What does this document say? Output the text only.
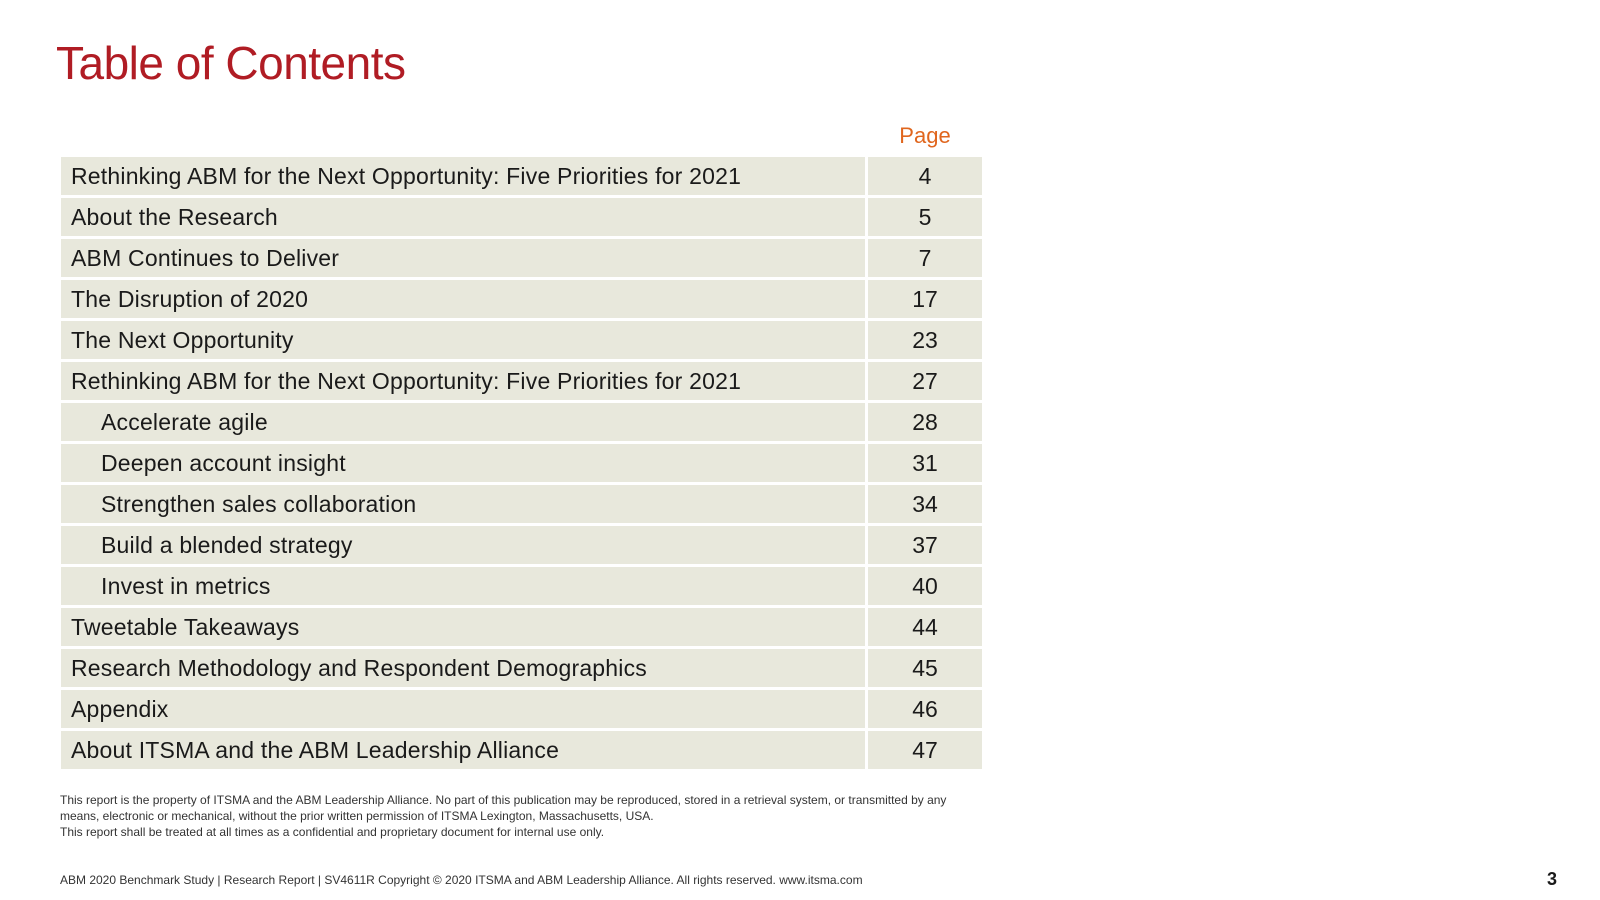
Table of Contents
Page
Rethinking ABM for the Next Opportunity: Five Priorities for 2021	4
About the Research	5
ABM Continues to Deliver	7
The Disruption of 2020	17
The Next Opportunity	23
Rethinking ABM for the Next Opportunity: Five Priorities for 2021	27
Accelerate agile	28
Deepen account insight	31
Strengthen sales collaboration	34
Build a blended strategy	37
Invest in metrics	40
Tweetable Takeaways	44
Research Methodology and Respondent Demographics	45
Appendix	46
About ITSMA and the ABM Leadership Alliance	47

This report is the property of ITSMA and the ABM Leadership Alliance. No part of this publication may be reproduced, stored in a retrieval system, or transmitted by any means, electronic or mechanical, without the prior written permission of ITSMA Lexington, Massachusetts, USA.

This report shall be treated at all times as a confidential and proprietary document for internal use only.

ABM 2020 Benchmark Study | Research Report | SV4611R Copyright © 2020 ITSMA and ABM Leadership Alliance. All rights reserved. www.itsma.com	3
